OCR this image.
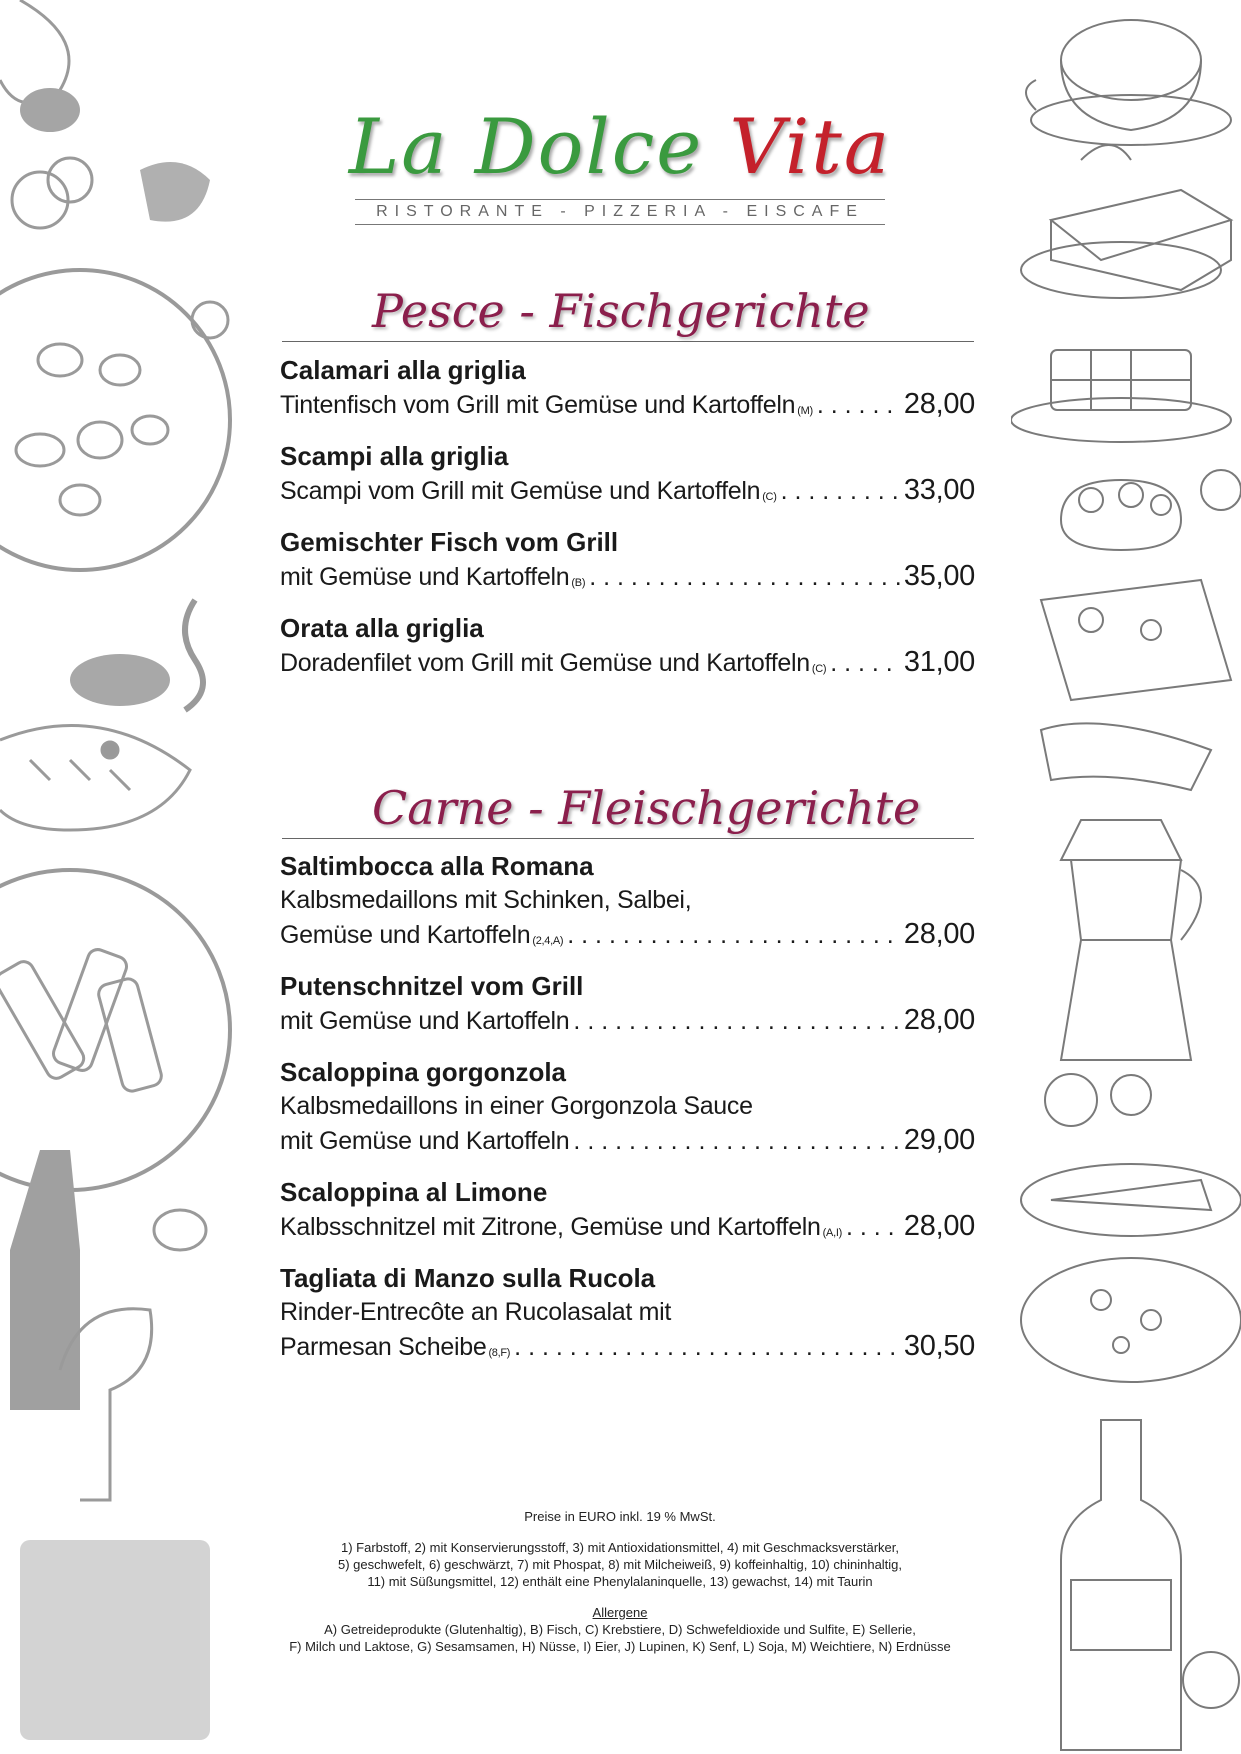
La Dolce Vita
RISTORANTE - PIZZERIA - EISCAFE
Pesce - Fischgerichte
Calamari alla griglia
Tintenfisch vom Grill mit Gemüse und Kartoffeln $^{(M)}$ . . .	28,00
Scampi alla griglia
Scampi vom Grill mit Gemüse und Kartoffeln $^{(C)}$ . . .	33,00
Gemischter Fisch vom Grill
mit Gemüse und Kartoffeln $^{(B)}$ . . .	35,00
Orata alla griglia
Doradenfilet vom Grill mit Gemüse und Kartoffeln $^{(C)}$ . . .	31,00
Carne - Fleischgerichte
Saltimbocca alla Romana
Kalbsmedaillons mit Schinken, Salbei,
Gemüse und Kartoffeln $^{(2,4,A)}$ . . .	28,00
Putenschnitzel vom Grill
mit Gemüse und Kartoffeln . . .	28,00
Scaloppina gorgonzola
Kalbsmedaillons in einer Gorgonzola Sauce
mit Gemüse und Kartoffeln . . .	29,00
Scaloppina al Limone
Kalbsschnitzel mit Zitrone, Gemüse und Kartoffeln $^{(A,I)}$ . . . 28,00
Tagliata di Manzo sulla Rucola
Rinder-Entrecôte an Rucolasalat mit
Parmesan Scheibe $^{(8,F)}$ . . .	30,50

Preise in EURO inkl. 19 % MwSt.

1) Farbstoff, 2) mit Konservierungsstoff, 3) mit Antioxidationsmittel, 4) mit Geschmacksverstärker,
5) geschwefelt, 6) geschwärzt, 7) mit Phospat, 8) mit Milcheiweiß, 9) koffeinhaltig, 10) chininhaltig,
11) mit Süßungsmittel, 12) enthält eine Phenylalaninquelle, 13) gewachst, 14) mit Taurin

Allergene

A) Getreideprodukte (Glutenhaltig), B) Fisch, C) Krebstiere, D) Schwefeldioxide und Sulfite, E) Sellerie,
F) Milch und Laktose, G) Sesamsamen, H) Nüsse, I) Eier, J) Lupinen, K) Senf, L) Soja, M) Weichtiere, N) Erdnüsse
